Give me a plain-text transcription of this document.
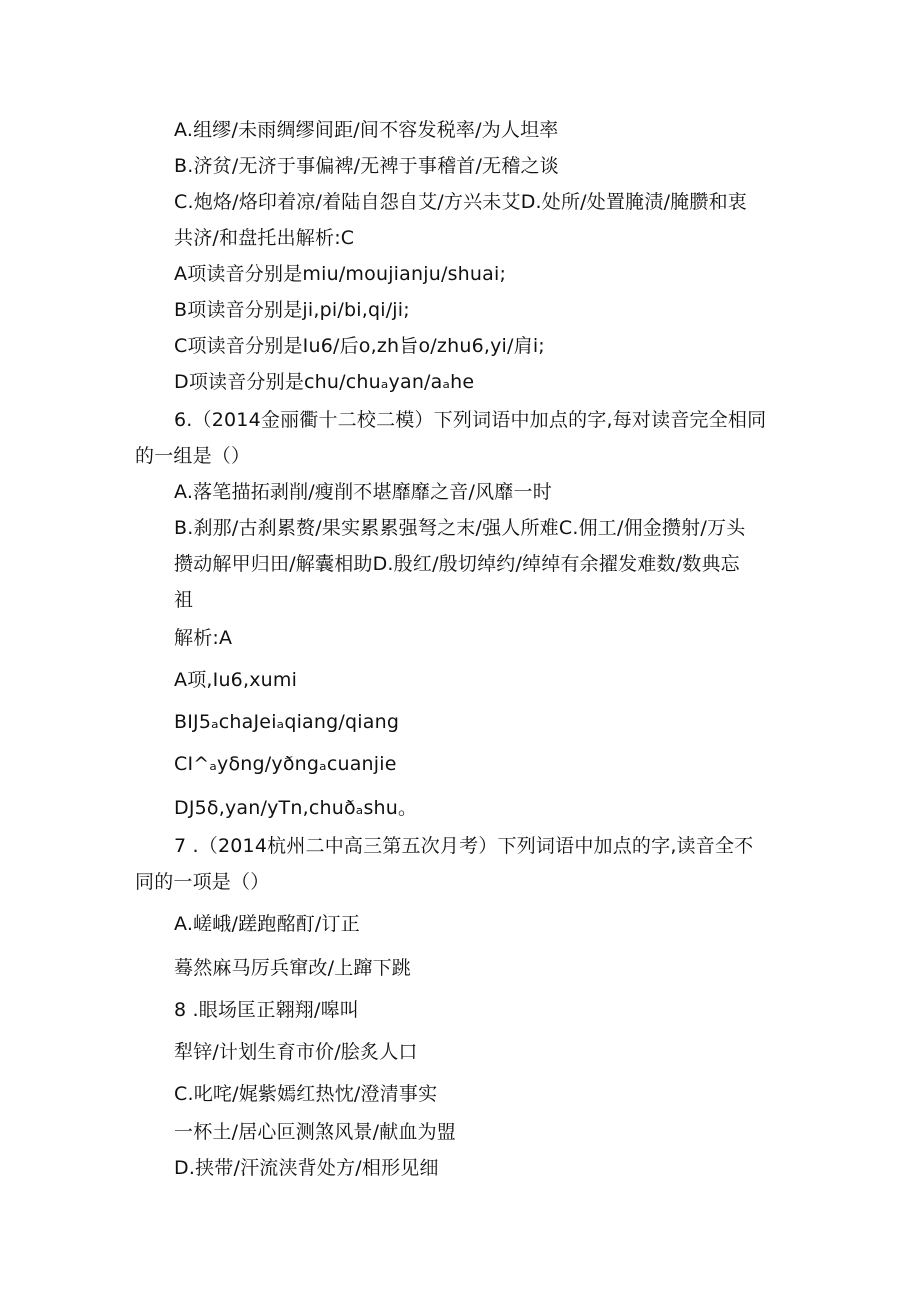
A.组缪/未雨绸缪间距/间不容发税率/为人坦率
B.济贫/无济于事偏裨/无裨于事稽首/无稽之谈
C.炮烙/烙印着凉/着陆自怨自艾/方兴未艾D.处所/处置腌渍/腌臜和衷
共济/和盘托出解析:C
A项读音分别是miu/moujianju/shuai;
B项读音分别是ji,pi/bi,qi/ji;
C项读音分别是Iu6/后o,zh旨o/zhu6,yi/肩i;
D项读音分别是chu/chuₐyan/aₐhe
6.（2014金丽衢十二校二模）下列词语中加点的字,每对读音完全相同
的一组是（）
A.落笔描拓剥削/瘦削不堪靡靡之音/风靡一时
B.刹那/古刹累赘/果实累累强弩之末/强人所难C.佣工/佣金攒射/万头
攒动解甲归田/解囊相助D.殷红/殷切绰约/绰绰有余擢发难数/数典忘
祖
解析:A
A项,Iu6,xumi
BIJ5ₐchaJeiₐqiang/qiang
CI^ₐyδng/yðngₐcuanjie
DJ5δ,yan/yTn,chuðₐshu。
7 .（2014杭州二中高三第五次月考）下列词语中加点的字,读音全不
同的一项是（）
A.嵯峨/蹉跑酩酊/订正
蓦然麻马厉兵窜改/上蹿下跳
8 .眼场匡正翱翔/嗥叫
犁锌/计划生育市价/脍炙人口
C.叱咤/娓紫嫣红热忱/澄清事实
一杯土/居心叵测煞风景/献血为盟
D.挟带/汗流浃背处方/相形见细
